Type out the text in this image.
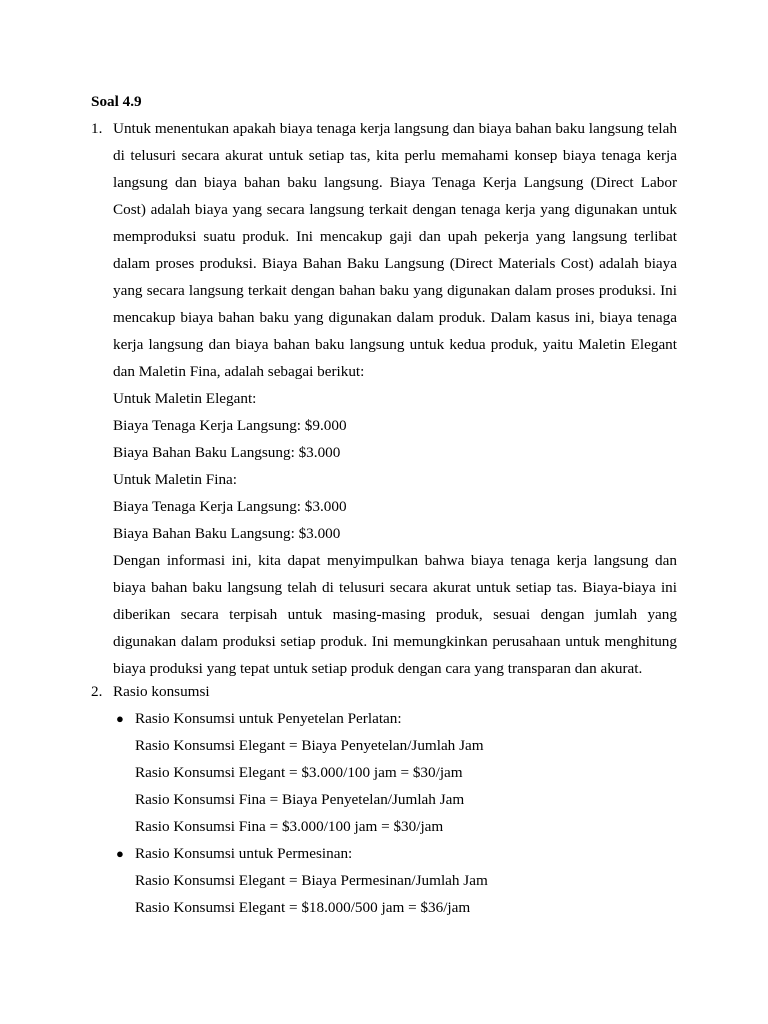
Soal 4.9
1. Untuk menentukan apakah biaya tenaga kerja langsung dan biaya bahan baku langsung telah di telusuri secara akurat untuk setiap tas, kita perlu memahami konsep biaya tenaga kerja langsung dan biaya bahan baku langsung. Biaya Tenaga Kerja Langsung (Direct Labor Cost) adalah biaya yang secara langsung terkait dengan tenaga kerja yang digunakan untuk memproduksi suatu produk. Ini mencakup gaji dan upah pekerja yang langsung terlibat dalam proses produksi. Biaya Bahan Baku Langsung (Direct Materials Cost) adalah biaya yang secara langsung terkait dengan bahan baku yang digunakan dalam proses produksi. Ini mencakup biaya bahan baku yang digunakan dalam produk. Dalam kasus ini, biaya tenaga kerja langsung dan biaya bahan baku langsung untuk kedua produk, yaitu Maletin Elegant dan Maletin Fina, adalah sebagai berikut:

Untuk Maletin Elegant:

Biaya Tenaga Kerja Langsung: $9.000

Biaya Bahan Baku Langsung: $3.000

Untuk Maletin Fina:

Biaya Tenaga Kerja Langsung: $3.000

Biaya Bahan Baku Langsung: $3.000

Dengan informasi ini, kita dapat menyimpulkan bahwa biaya tenaga kerja langsung dan biaya bahan baku langsung telah di telusuri secara akurat untuk setiap tas. Biaya-biaya ini diberikan secara terpisah untuk masing-masing produk, sesuai dengan jumlah yang digunakan dalam produksi setiap produk. Ini memungkinkan perusahaan untuk menghitung biaya produksi yang tepat untuk setiap produk dengan cara yang transparan dan akurat.

2. Rasio konsumsi

● Rasio Konsumsi untuk Penyetelan Perlatan:

Rasio Konsumsi Elegant = Biaya Penyetelan/Jumlah Jam

Rasio Konsumsi Elegant = $3.000/100 jam = $30/jam

Rasio Konsumsi Fina = Biaya Penyetelan/Jumlah Jam

Rasio Konsumsi Fina = $3.000/100 jam = $30/jam

● Rasio Konsumsi untuk Permesinan:

Rasio Konsumsi Elegant = Biaya Permesinan/Jumlah Jam

Rasio Konsumsi Elegant = $18.000/500 jam = $36/jam
